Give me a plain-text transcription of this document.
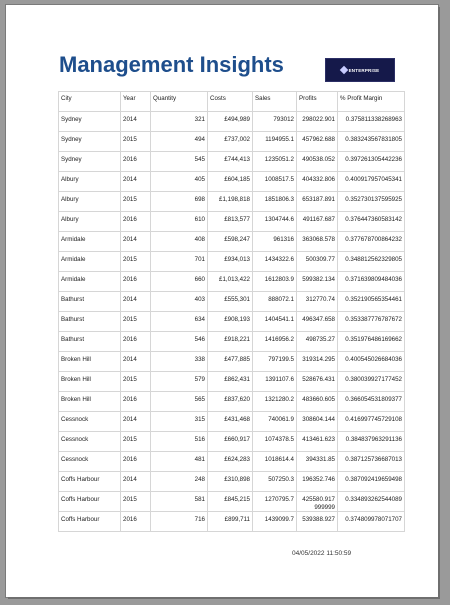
Management Insights	ENTERPRISE
City	Year	Quantity	Costs	Sales	Profits	% Profit Margin
Sydney	2014	321	£494,989	793012	298022.901	0.375811338268963
Sydney	2015	494	£737,002	1194955.1	457962.688	0.383243567831805
Sydney	2016	545	£744,413	1235051.2	490538.052	0.397261305442236
Albury	2014	405	£604,185	1008517.5	404332.806	0.400917957045341
Albury	2015	698	£1,198,818	1851806.3	653187.891	0.352730137595925
Albury	2016	610	£813,577	1304744.6	491167.687	0.376447360583142
Armidale	2014	408	£598,247	961316	363068.578	0.377678700864232
Armidale	2015	701	£934,013	1434322.6	500309.77	0.348812562329805
Armidale	2016	660	£1,013,422	1612803.9	599382.134	0.371639809484036
Bathurst	2014	403	£555,301	888072.1	312770.74	0.352190565354461
Bathurst	2015	634	£908,193	1404541.1	496347.658	0.353387776787672
Bathurst	2016	546	£918,221	1416956.2	498735.27	0.351976486169662
Broken Hill	2014	338	£477,885	797199.5	319314.295	0.400545026684036
Broken Hill	2015	579	£862,431	1391107.6	528676.431	0.380039927177452
Broken Hill	2016	565	£837,620	1321280.2	483660.605	0.366054531809377
Cessnock	2014	315	£431,468	740061.9	308604.144	0.416997745729108
Cessnock	2015	516	£660,917	1074378.5	413461.623	0.384837963291136
Cessnock	2016	481	£624,283	1018614.4	394331.85	0.387125736687013
Coffs Harbour	2014	248	£310,898	507250.3	196352.746	0.387092419659498
Coffs Harbour	2015	581	£845,215	1270795.7	425580.917999999	0.334893262544089
Coffs Harbour	2016	716	£899,711	1439099.7	539388.927	0.374809978071707
04/05/2022 11:50:59
